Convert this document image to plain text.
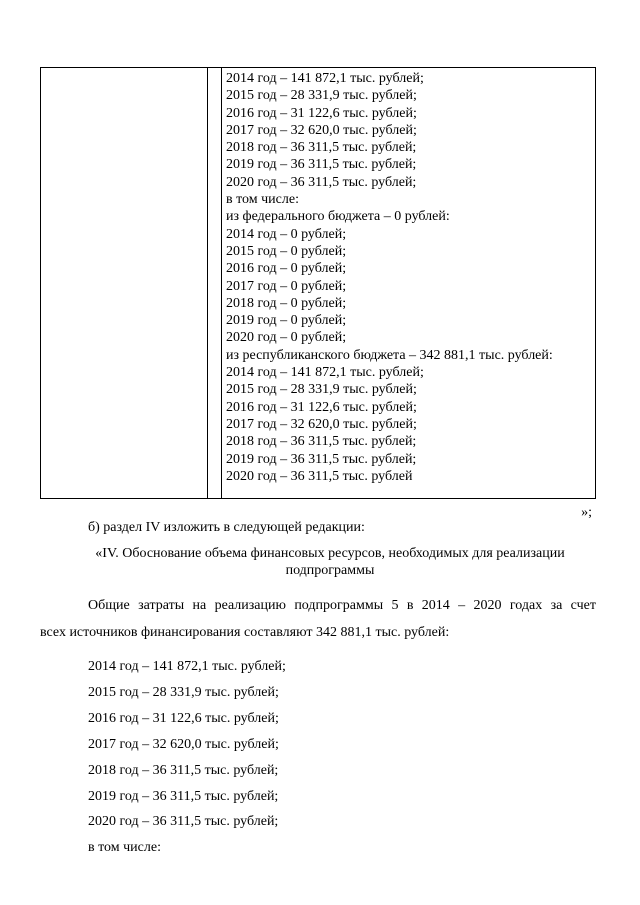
2014 год – 141 872,1 тыс. рублей;
2015 год – 28 331,9 тыс. рублей;
2016 год – 31 122,6 тыс. рублей;
2017 год – 32 620,0 тыс. рублей;
2018 год – 36 311,5 тыс. рублей;
2019 год – 36 311,5 тыс. рублей;
2020 год – 36 311,5 тыс. рублей;
в том числе:
из федерального бюджета – 0 рублей:
2014 год – 0 рублей;
2015 год – 0 рублей;
2016 год – 0 рублей;
2017 год – 0 рублей;
2018 год – 0 рублей;
2019 год – 0 рублей;
2020 год – 0 рублей;
из республиканского бюджета – 342 881,1 тыс. рублей:
2014 год – 141 872,1 тыс. рублей;
2015 год – 28 331,9 тыс. рублей;
2016 год – 31 122,6 тыс. рублей;
2017 год – 32 620,0 тыс. рублей;
2018 год – 36 311,5 тыс. рублей;
2019 год – 36 311,5 тыс. рублей;
2020 год – 36 311,5 тыс. рублей
»;
б) раздел IV изложить в следующей редакции:
«IV. Обоснование объема финансовых ресурсов, необходимых для реализации подпрограммы
Общие затраты на реализацию подпрограммы 5 в 2014 – 2020 годах за счет
всех источников финансирования составляют 342 881,1 тыс. рублей:
2014 год – 141 872,1 тыс. рублей;
2015 год – 28 331,9 тыс. рублей;
2016 год – 31 122,6 тыс. рублей;
2017 год – 32 620,0 тыс. рублей;
2018 год – 36 311,5 тыс. рублей;
2019 год – 36 311,5 тыс. рублей;
2020 год – 36 311,5 тыс. рублей;
в том числе:
